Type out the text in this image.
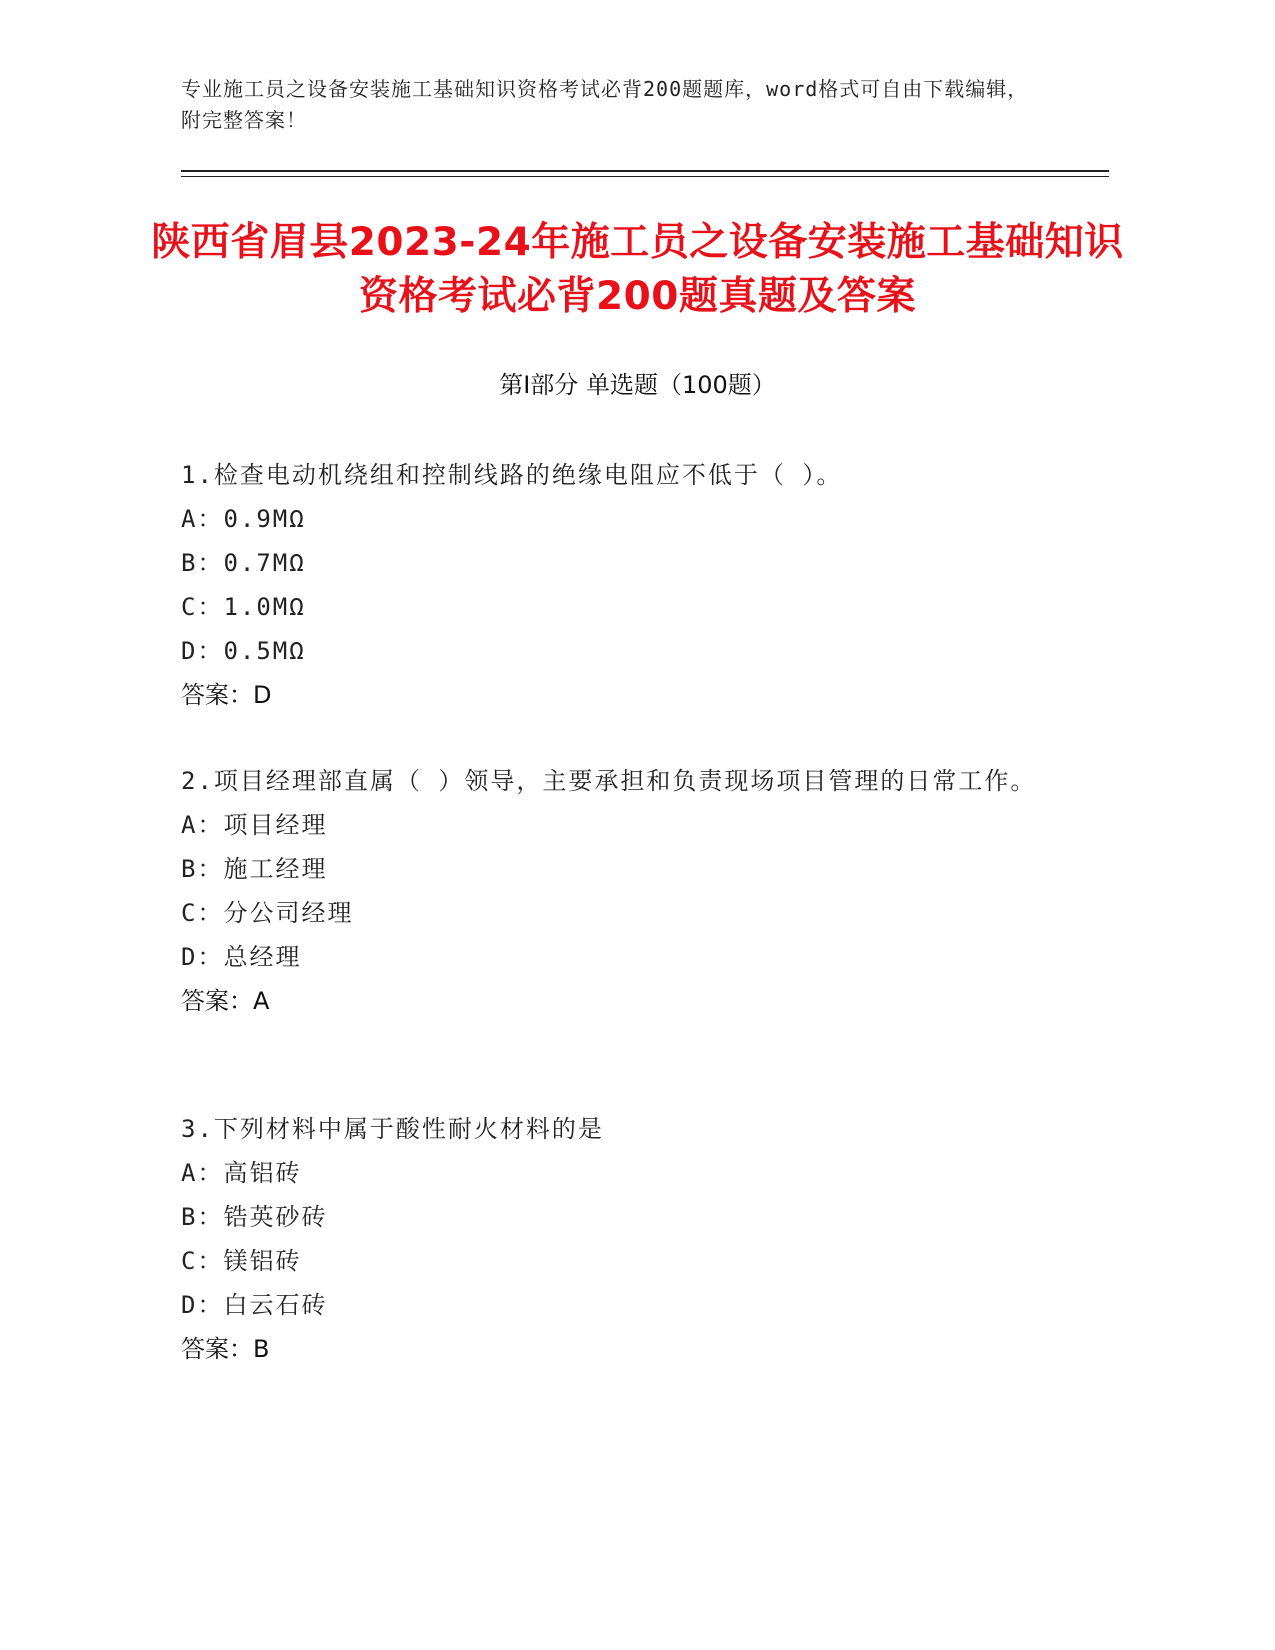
专业施工员之设备安装施工基础知识资格考试必背200题题库，word格式可自由下载编辑，附完整答案！
陕西省眉县2023-24年施工员之设备安装施工基础知识资格考试必背200题真题及答案
第I部分 单选题（100题）
1.检查电动机绕组和控制线路的绝缘电阻应不低于（ ）。
A：0.9MΩ
B：0.7MΩ
C：1.0MΩ
D：0.5MΩ
答案：D
2.项目经理部直属（ ）领导，主要承担和负责现场项目管理的日常工作。
A：项目经理
B：施工经理
C：分公司经理
D：总经理
答案：A
3.下列材料中属于酸性耐火材料的是
A：高铝砖
B：锆英砂砖
C：镁铝砖
D：白云石砖
答案：B
